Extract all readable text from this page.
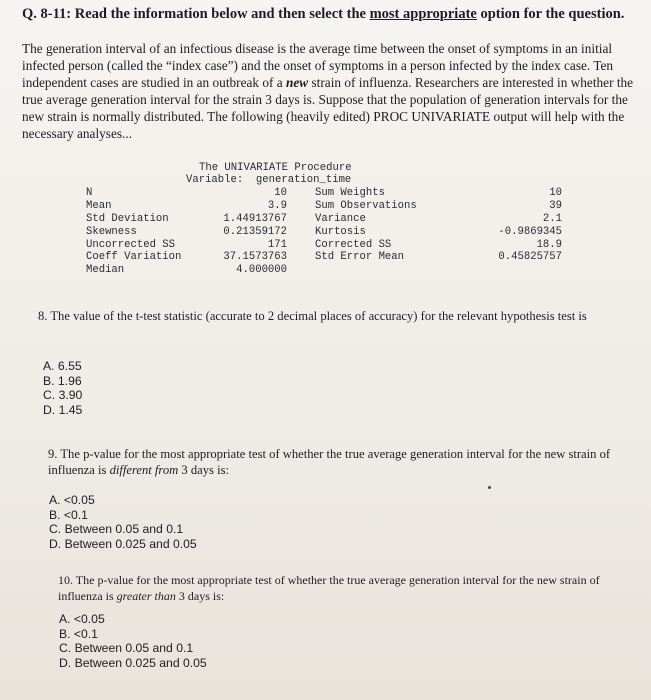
Q. 8-11: Read the information below and then select the most appropriate option for the question.
The generation interval of an infectious disease is the average time between the onset of symptoms in an initial infected person (called the “index case”) and the onset of symptoms in a person infected by the index case. Ten independent cases are studied in an outbreak of a new strain of influenza. Researchers are interested in whether the true average generation interval for the strain 3 days is. Suppose that the population of generation intervals for the new strain is normally distributed. The following (heavily edited) PROC UNIVARIATE output will help with the necessary analyses...
The UNIVARIATE Procedure
Variable:  generation_time
N	10	Sum Weights	10
Mean	3.9	Sum Observations	39
Std Deviation	1.44913767	Variance	2.1
Skewness	0.21359172	Kurtosis	-0.9869345
Uncorrected SS	171	Corrected SS	18.9
Coeff Variation	37.1573763	Std Error Mean	0.45825757
Median	4.000000
8. The value of the t-test statistic (accurate to 2 decimal places of accuracy) for the relevant hypothesis test is
A. 6.55
B. 1.96
C. 3.90
D. 1.45
9. The p-value for the most appropriate test of whether the true average generation interval for the new strain of influenza is different from 3 days is:
A. <0.05
B. <0.1
C. Between 0.05 and 0.1
D. Between 0.025 and 0.05
10. The p-value for the most appropriate test of whether the true average generation interval for the new strain of influenza is greater than 3 days is:
A. <0.05
B. <0.1
C. Between 0.05 and 0.1
D. Between 0.025 and 0.05
